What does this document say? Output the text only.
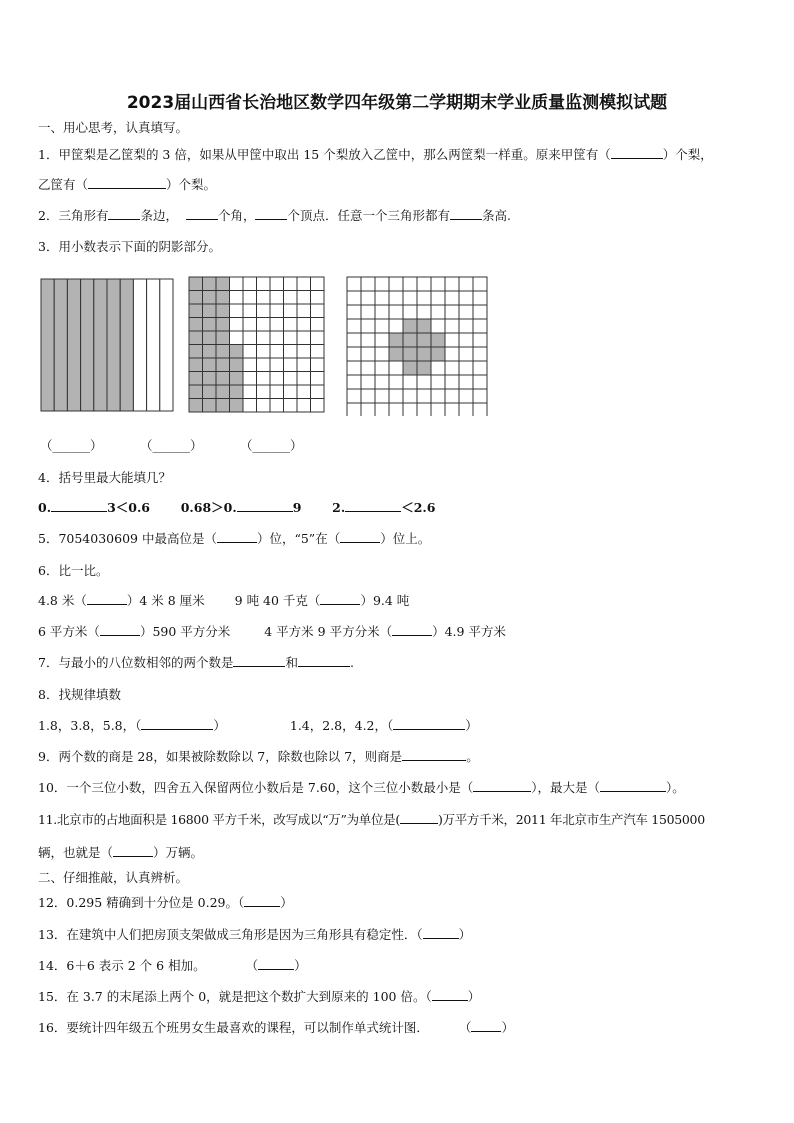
2023届山西省长治地区数学四年级第二学期期末学业质量监测模拟试题
一、用心思考，认真填写。
1．甲筐梨是乙筐梨的 3 倍，如果从甲筐中取出 15 个梨放入乙筐中，那么两筐梨一样重。原来甲筐有（	）个梨，
乙筐有（	）个梨。
2．三角形有	条边，	个角，	个顶点．任意一个三角形都有	条高.
3．用小数表示下面的阴影部分。
（______）	（______）	（______）
4．括号里最大能填几？
0.	3＜0.6 0.68＞0.	9 2.	＜2.6
5．7054030609 中最高位是（	）位，“5”在（	）位上。
6．比一比。
4.8 米（	）4 米 8 厘米 9 吨 40 千克（	）9.4 吨
6 平方米（	）590 平方分米	4 平方米 9 平方分米（	）4.9 平方米
7．与最小的八位数相邻的两个数是	和	.
8．找规律填数
1.8，3.8，5.8，（	）	1.4，2.8，4.2，（	）
9．两个数的商是 28，如果被除数除以 7，除数也除以 7，则商是	。
10．一个三位小数，四舍五入保留两位小数后是 7.60，这个三位小数最小是（	），最大是（	）。
11.北京市的占地面积是 16800 平方千米，改写成以“万”为单位是(	)万平方千米，2011 年北京市生产汽车 1505000
辆，也就是（	）万辆。
二、仔细推敲，认真辨析。
12．0.295 精确到十分位是 0.29。（	）
13．在建筑中人们把房顶支架做成三角形是因为三角形具有稳定性．（	）
14．6＋6 表示 2 个 6 相加。	（	）
15．在 3.7 的末尾添上两个 0，就是把这个数扩大到原来的 100 倍。（	）
16．要统计四年级五个班男女生最喜欢的课程，可以制作单式统计图． （ ）
